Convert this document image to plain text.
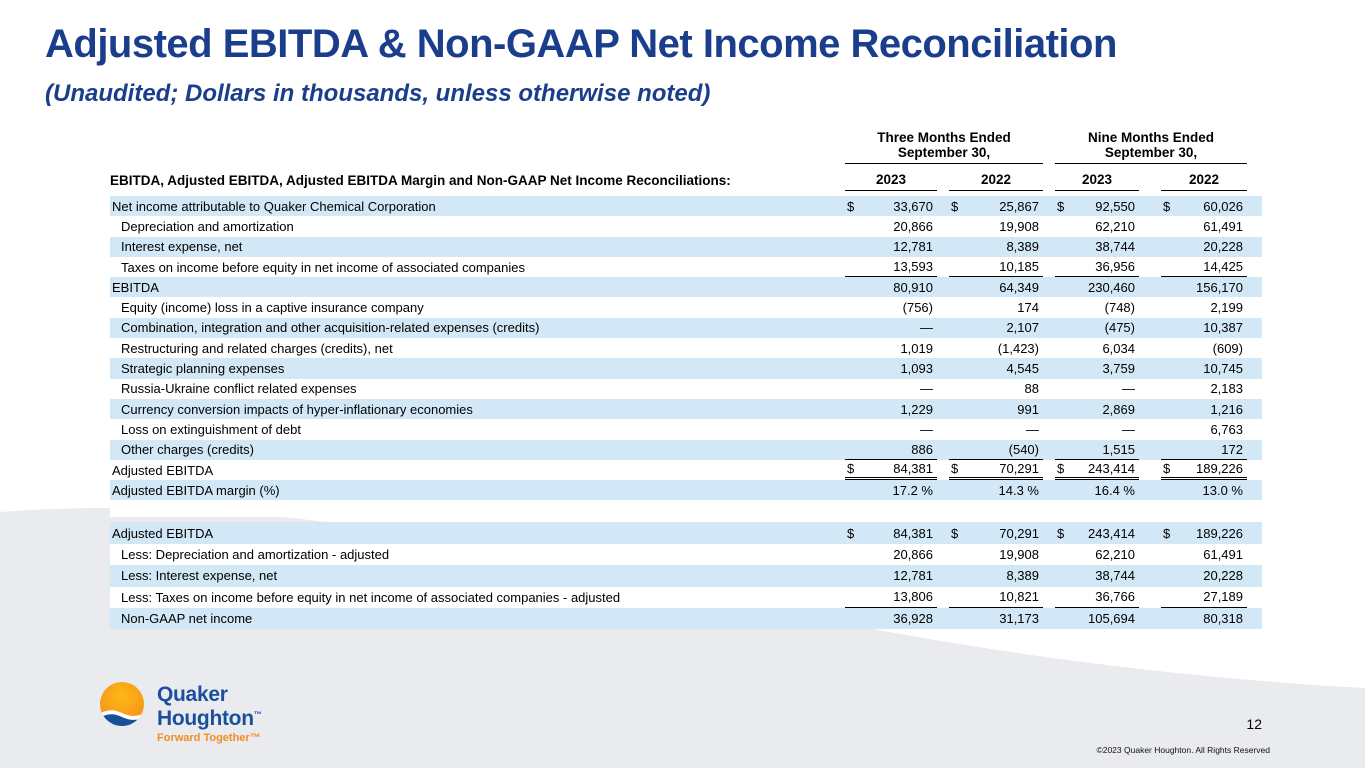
Adjusted EBITDA & Non-GAAP Net Income Reconciliation
(Unaudited; Dollars in thousands, unless otherwise noted)
Three Months Ended
September 30,
Nine Months Ended
September 30,
EBITDA, Adjusted EBITDA, Adjusted EBITDA Margin and Non-GAAP Net Income Reconciliations:	2023	2022	2023	2022
Net income attributable to Quaker Chemical Corporation	$	33,670 $	25,867 $ 92,550 $	60,026
Depreciation and amortization	20,866	19,908	62,210	61,491
Interest expense, net	12,781	8,389	38,744	20,228
Taxes on income before equity in net income of associated companies	13,593	10,185	36,956	14,425
EBITDA	80,910	64,349	230,460	156,170
Equity (income) loss in a captive insurance company	(756)	174	(748)	2,199
Combination, integration and other acquisition-related expenses (credits)	—	2,107	(475)	10,387
Restructuring and related charges (credits), net	1,019	(1,423)	6,034	(609)
Strategic planning expenses	1,093	4,545	3,759	10,745
Russia-Ukraine conflict related expenses	—	88	—	2,183
Currency conversion impacts of hyper-inflationary economies	1,229	991	2,869	1,216
Loss on extinguishment of debt	—	—	—	6,763
Other charges (credits)	886	(540)	1,515	172
Adjusted EBITDA	$	84,381 $	70,291 $ 243,414 $ 189,226
Adjusted EBITDA margin (%)	17.2 %	14.3 %	16.4 %	13.0 %
Adjusted EBITDA	$	84,381 $	70,291 $ 243,414 $ 189,226
Less: Depreciation and amortization - adjusted	20,866	19,908	62,210	61,491
Less: Interest expense, net	12,781	8,389	38,744	20,228
Less: Taxes on income before equity in net income of associated companies - adjusted	13,806	10,821	36,766	27,189
Non-GAAP net income	36,928	31,173	105,694	80,318
Quaker
Houghton™
Forward Together™
12
©2023 Quaker Houghton. All Rights Reserved
